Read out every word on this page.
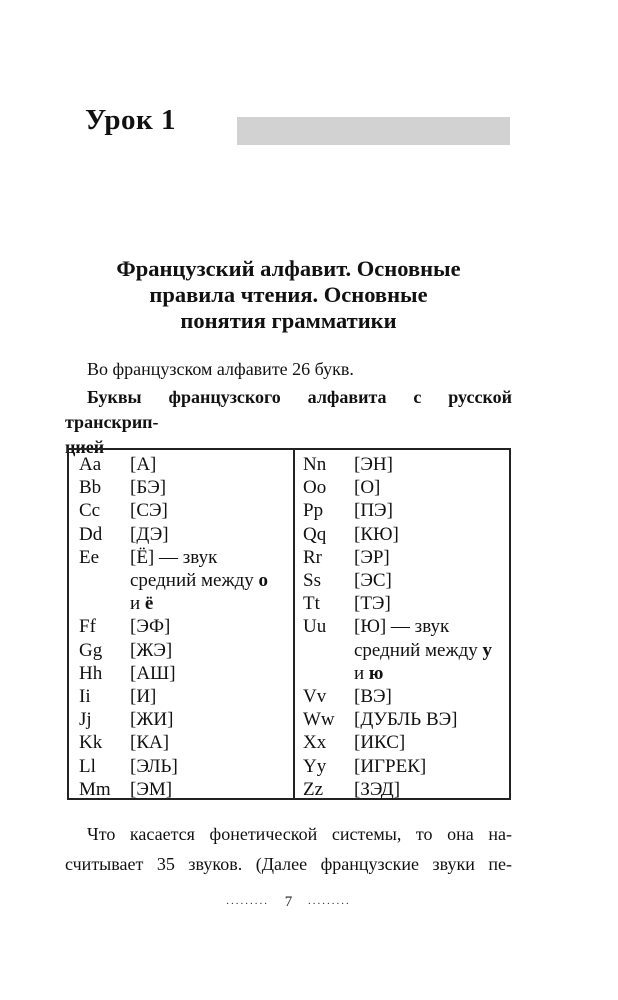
Урок 1
Французский алфавит. Основные
правила чтения. Основные
понятия грамматики
Во французском алфавите 26 букв.
Буквы французского алфавита с русской транскрип-
цией
Aa	[А]
Bb	[БЭ]
Cc	[СЭ]
Dd	[ДЭ]
Ee	[Ё] — звук
средний между о
и ё
Ff	[ЭФ]
Gg	[ЖЭ]
Hh	[АШ]
Ii	[И]
Jj	[ЖИ]
Kk	[КА]
Ll	[ЭЛЬ]
Mm	[ЭМ]
Nn	[ЭН]
Oo	[О]
Pp	[ПЭ]
Qq	[КЮ]
Rr	[ЭР]
Ss	[ЭС]
Tt	[ТЭ]
Uu	[Ю] — звук
средний между у
и ю
Vv	[ВЭ]
Ww	[ДУБЛЬ ВЭ]
Xx	[ИКС]
Yy	[ИГРЕК]
Zz	[ЗЭД]
Что касается фонетической системы, то она на-
считывает 35 звуков. (Далее французские звуки пе-
......... 7 .........
